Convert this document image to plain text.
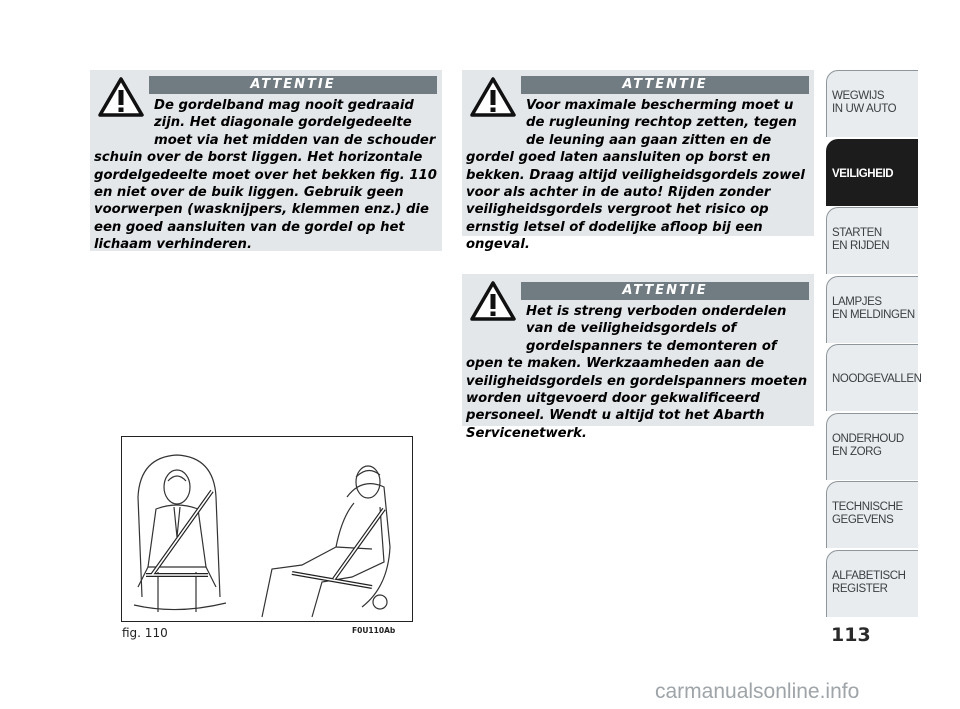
ATTENTIE
De gordelband mag nooit gedraaid zijn. Het diagonale gordelgedeelte moet via het midden van de schouder schuin over de borst liggen. Het horizontale gordelgedeelte moet over het bekken fig. 110 en niet over de buik liggen. Gebruik geen voorwerpen (wasknijpers, klemmen enz.) die een goed aansluiten van de gordel op het lichaam verhinderen.
ATTENTIE
Voor maximale bescherming moet u de rugleuning rechtop zetten, tegen de leuning aan gaan zitten en de gordel goed laten aansluiten op borst en bekken. Draag altijd veiligheidsgordels zowel voor als achter in de auto! Rijden zonder veiligheidsgordels vergroot het risico op ernstig letsel of dodelijke afloop bij een ongeval.
ATTENTIE
Het is streng verboden onderdelen van de veiligheidsgordels of gordelspanners te demonteren of open te maken. Werkzaamheden aan de veiligheidsgordels en gordelspanners moeten worden uitgevoerd door gekwalificeerd personeel. Wendt u altijd tot het Abarth Servicenetwerk.
fig. 110	F0U110Ab
WEGWIJS
IN UW AUTO
VEILIGHEID
STARTEN
EN RIJDEN
LAMPJES
EN MELDINGEN
NOODGEVALLEN
ONDERHOUD
EN ZORG
TECHNISCHE
GEGEVENS
ALFABETISCH
REGISTER
113
carmanualsonline.info
